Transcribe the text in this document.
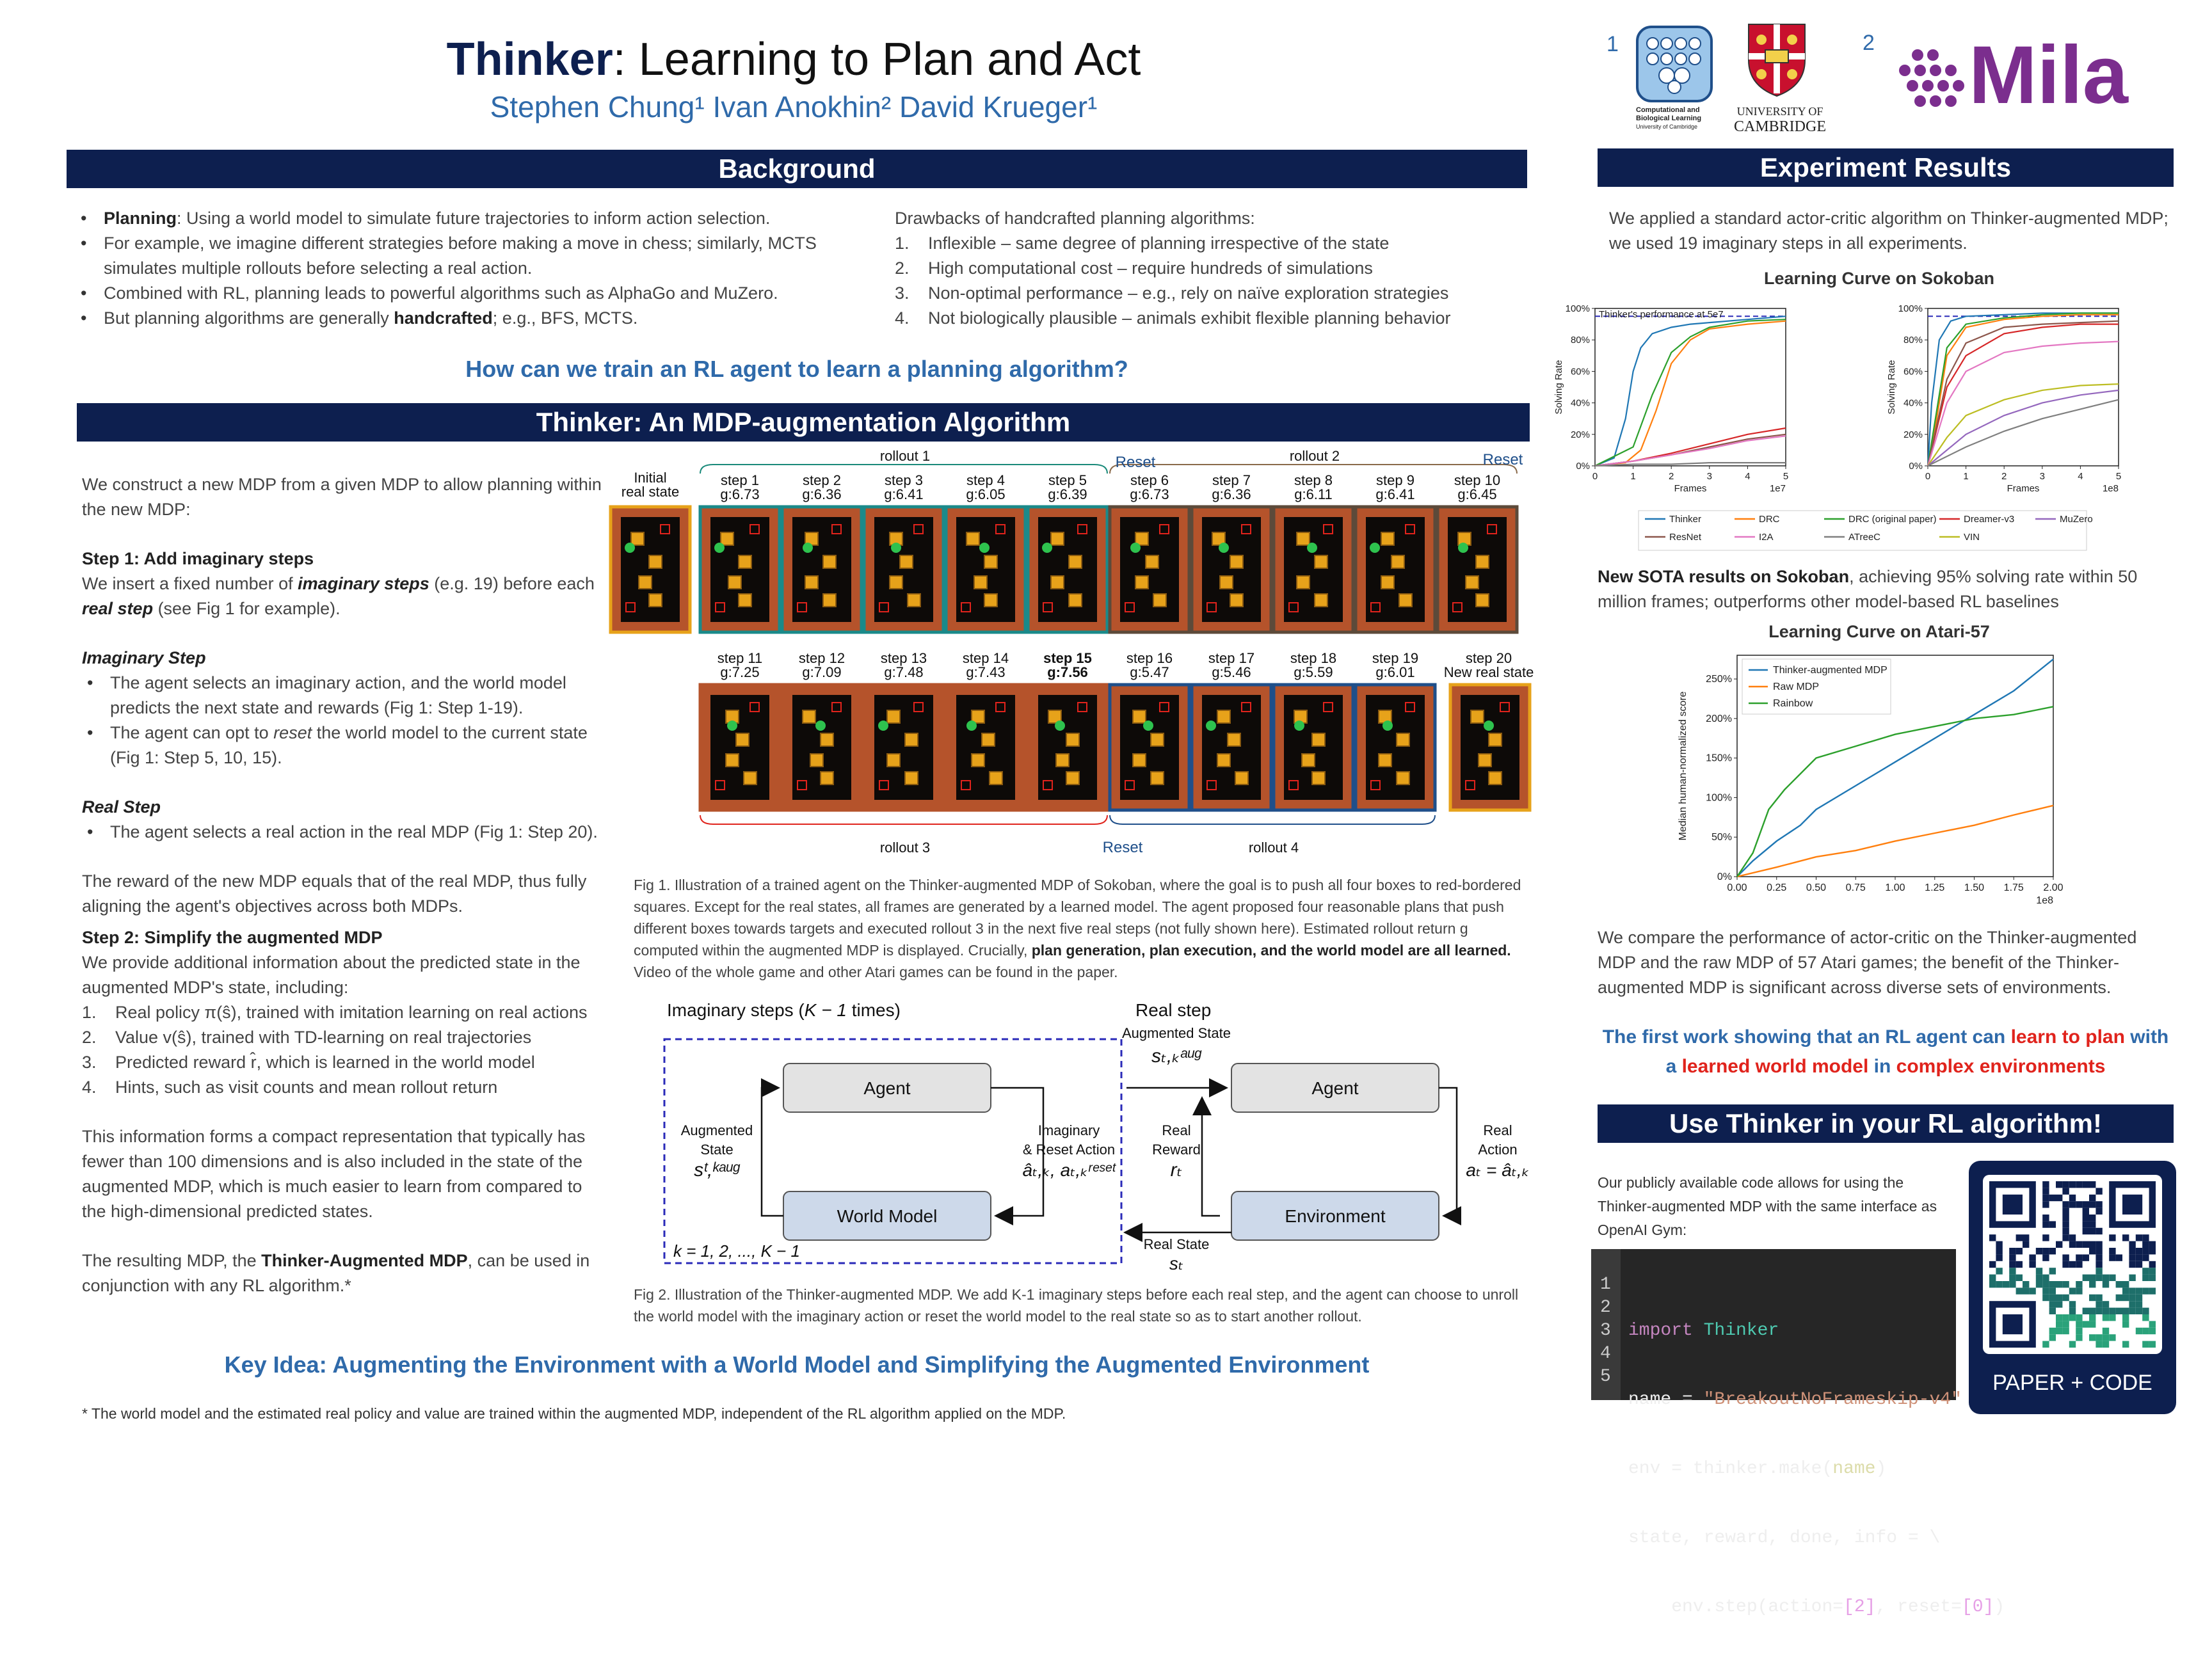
Thinker: Learning to Plan and Act
Stephen Chung¹ Ivan Anokhin² David Krueger¹
1
Computational and
Biological Learning
University of Cambridge
UNIVERSITY OF
CAMBRIDGE
2 Mila
Background
• Planning: Using a world model to simulate future trajectories to inform action selection.
• For example, we imagine different strategies before making a move in chess; similarly, MCTS simulates multiple rollouts before selecting a real action.
• Combined with RL, planning leads to powerful algorithms such as AlphaGo and MuZero.
• But planning algorithms are generally handcrafted; e.g., BFS, MCTS.
Drawbacks of handcrafted planning algorithms:
1. Inflexible – same degree of planning irrespective of the state
2. High computational cost – require hundreds of simulations
3. Non-optimal performance – e.g., rely on naïve exploration strategies
4. Not biologically plausible – animals exhibit flexible planning behavior
How can we train an RL agent to learn a planning algorithm?
Thinker: An MDP-augmentation Algorithm
We construct a new MDP from a given MDP to allow planning within the new MDP:
Step 1: Add imaginary steps
We insert a fixed number of imaginary steps (e.g. 19) before each real step (see Fig 1 for example).
Imaginary Step
• The agent selects an imaginary action, and the world model predicts the next state and rewards (Fig 1: Step 1-19).
• The agent can opt to reset the world model to the current state (Fig 1: Step 5, 10, 15).
Real Step
• The agent selects a real action in the real MDP (Fig 1: Step 20).
The reward of the new MDP equals that of the real MDP, thus fully aligning the agent's objectives across both MDPs.
Step 2: Simplify the augmented MDP
We provide additional information about the predicted state in the augmented MDP's state, including:
1. Real policy π(ŝ), trained with imitation learning on real actions
2. Value v(ŝ), trained with TD-learning on real trajectories
3. Predicted reward r̂, which is learned in the world model
4. Hints, such as visit counts and mean rollout return
This information forms a compact representation that typically has fewer than 100 dimensions and is also included in the state of the augmented MDP, which is much easier to learn from compared to the high-dimensional predicted states.
The resulting MDP, the Thinker-Augmented MDP, can be used in conjunction with any RL algorithm.*
Initial
real state
step 1
g:6.73
step 2
g:6.36
step 3
g:6.41
step 4
g:6.05
step 5
g:6.39
step 6
g:6.73
step 7
g:6.36
step 8
g:6.11
step 9
g:6.41
step 10
g:6.45
rollout 1	rollout 2
Reset	Reset
step 11
g:7.25
step 12
g:7.09
step 13
g:7.48
step 14
g:7.43
step 15
g:7.56
step 16
g:5.47
step 17
g:5.46
step 18
g:5.59
step 19
g:6.01
step 20
New real state
rollout 3	rollout 4
Reset
Fig 1. Illustration of a trained agent on the Thinker-augmented MDP of Sokoban, where the goal is to push all four boxes to red-bordered squares. Except for the real states, all frames are generated by a learned model. The agent proposed four reasonable plans that push different boxes towards targets and executed rollout 3 in the next five real steps (not fully shown here). Estimated rollout return g computed within the augmented MDP is displayed. Crucially, plan generation, plan execution, and the world model are all learned. Video of the whole game and other Atari games can be found in the paper.
Imaginary steps (K − 1 times)	Real step
Agent
World Model
Augmented
State
sᵗ,ᵏᵃᵘᵍ
Imaginary
& Reset Action
âₜ,ₖ, aₜ,ₖʳᵉˢᵉᵗ
k = 1, 2, ..., K − 1
Agent
Environment
Augmented State
sₜ,ₖᵃᵘᵍ
Real
Action
aₜ = âₜ,ₖ
Real State
sₜ
Real
Reward
rₜ
Fig 2. Illustration of the Thinker-augmented MDP. We add K-1 imaginary steps before each real step, and the agent can choose to unroll the world model with the imaginary action or reset the world model to the real state so as to start another rollout.
Key Idea: Augmenting the Environment with a World Model and Simplifying the Augmented Environment
* The world model and the estimated real policy and value are trained within the augmented MDP, independent of the RL algorithm applied on the MDP.
Experiment Results
We applied a standard actor-critic algorithm on Thinker-augmented MDP; we used 19 imaginary steps in all experiments.
Learning Curve on Sokoban
0%
20%
40%
60%
80%
100%
0	1	2	3	4	5
Frames	1e7
Solving Rate
Thinker's performance at 5e7
0%
20%
40%
60%
80%
100%
0	1	2	3	4	5
Frames	1e8
Solving Rate
Thinker	DRC	DRC (original paper)	Dreamer-v3	MuZero
ResNet	I2A	ATreeC	VIN
New SOTA results on Sokoban, achieving 95% solving rate within 50 million frames; outperforms other model-based RL baselines
Learning Curve on Atari-57
0%
50%
100%
150%
200%
250%
0.00 0.25 0.50 0.75 1.00 1.25 1.50 1.75 2.00
1e8
Median human-normalized score
Thinker-augmented MDP
Raw MDP
Rainbow
We compare the performance of actor-critic on the Thinker-augmented MDP and the raw MDP of 57 Atari games; the benefit of the Thinker-augmented MDP is significant across diverse sets of environments.
The first work showing that an RL agent can learn to plan with
a learned world model in complex environments
Use Thinker in your RL algorithm!
Our publicly available code allows for using the Thinker-augmented MDP with the same interface as OpenAI Gym:
1
2
3
4
5

import Thinker

name = "BreakoutNoFrameskip-v4"

env = thinker.make(name)

state, reward, done, info = \

env.step(action=[2], reset=[0])

PAPER + CODE
